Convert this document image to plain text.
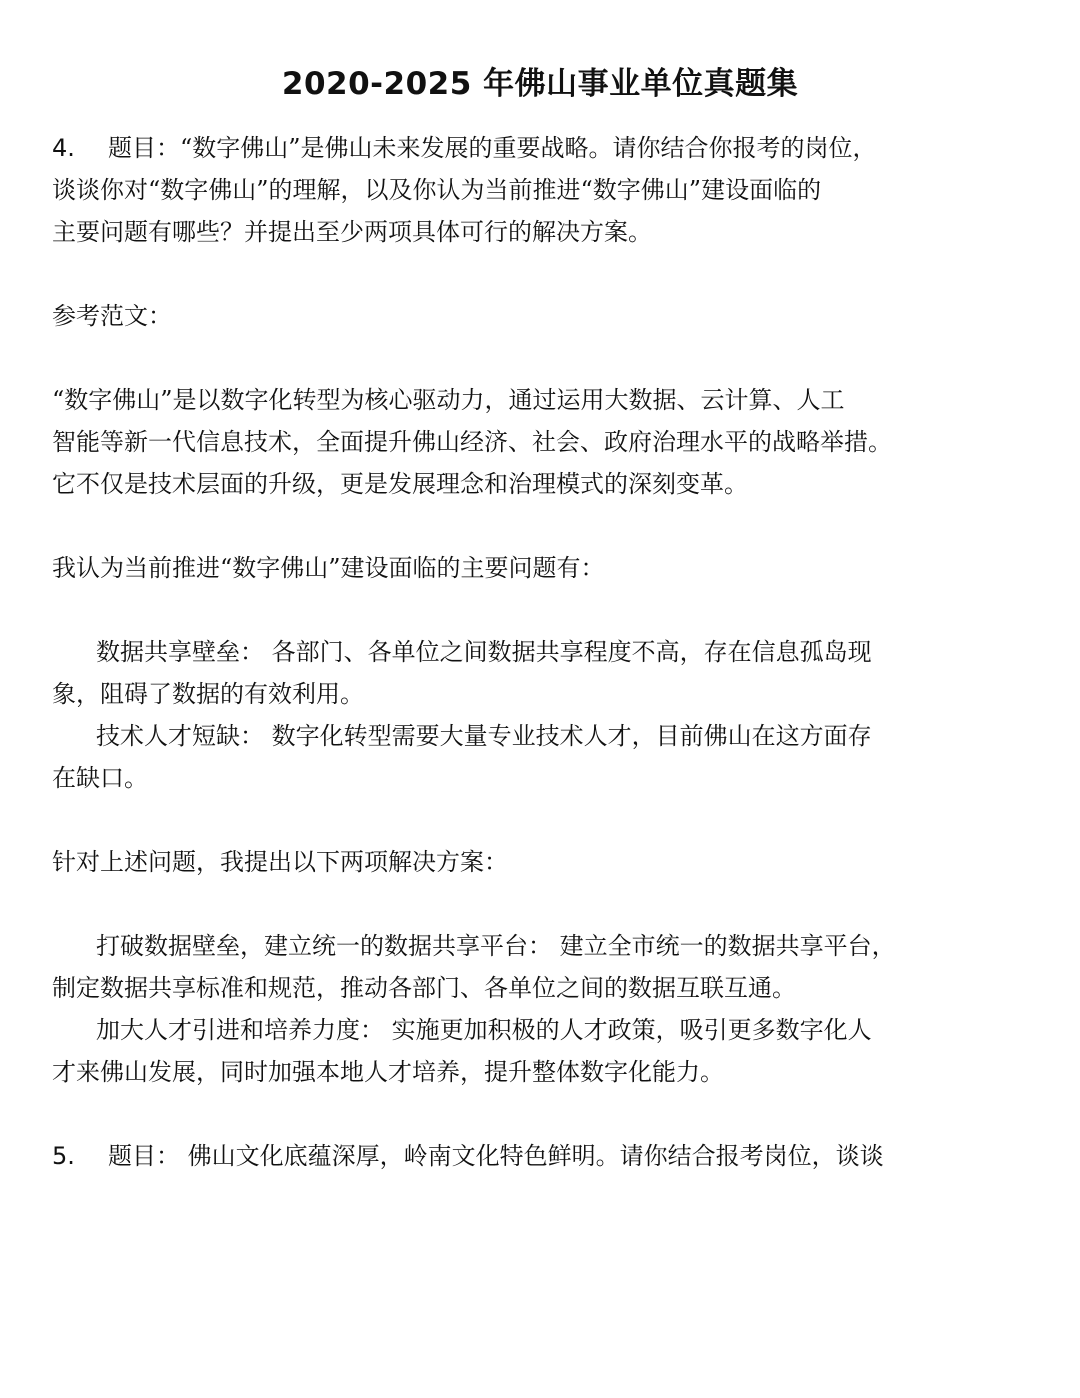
2020-2025 年佛山事业单位真题集

4. 题目：“数字佛山”是佛山未来发展的重要战略。请你结合你报考的岗位，

谈谈你对“数字佛山”的理解，以及你认为当前推进“数字佛山”建设面临的

主要问题有哪些？并提出至少两项具体可行的解决方案。

参考范文：

“数字佛山”是以数字化转型为核心驱动力，通过运用大数据、云计算、人工

智能等新一代信息技术，全面提升佛山经济、社会、政府治理水平的战略举措。

它不仅是技术层面的升级，更是发展理念和治理模式的深刻变革。

我认为当前推进“数字佛山”建设面临的主要问题有：

数据共享壁垒： 各部门、各单位之间数据共享程度不高，存在信息孤岛现

象，阻碍了数据的有效利用。

技术人才短缺： 数字化转型需要大量专业技术人才，目前佛山在这方面存

在缺口。

针对上述问题，我提出以下两项解决方案：

打破数据壁垒，建立统一的数据共享平台： 建立全市统一的数据共享平台，

制定数据共享标准和规范，推动各部门、各单位之间的数据互联互通。

加大人才引进和培养力度： 实施更加积极的人才政策，吸引更多数字化人

才来佛山发展，同时加强本地人才培养，提升整体数字化能力。

5. 题目： 佛山文化底蕴深厚，岭南文化特色鲜明。请你结合报考岗位，谈谈
